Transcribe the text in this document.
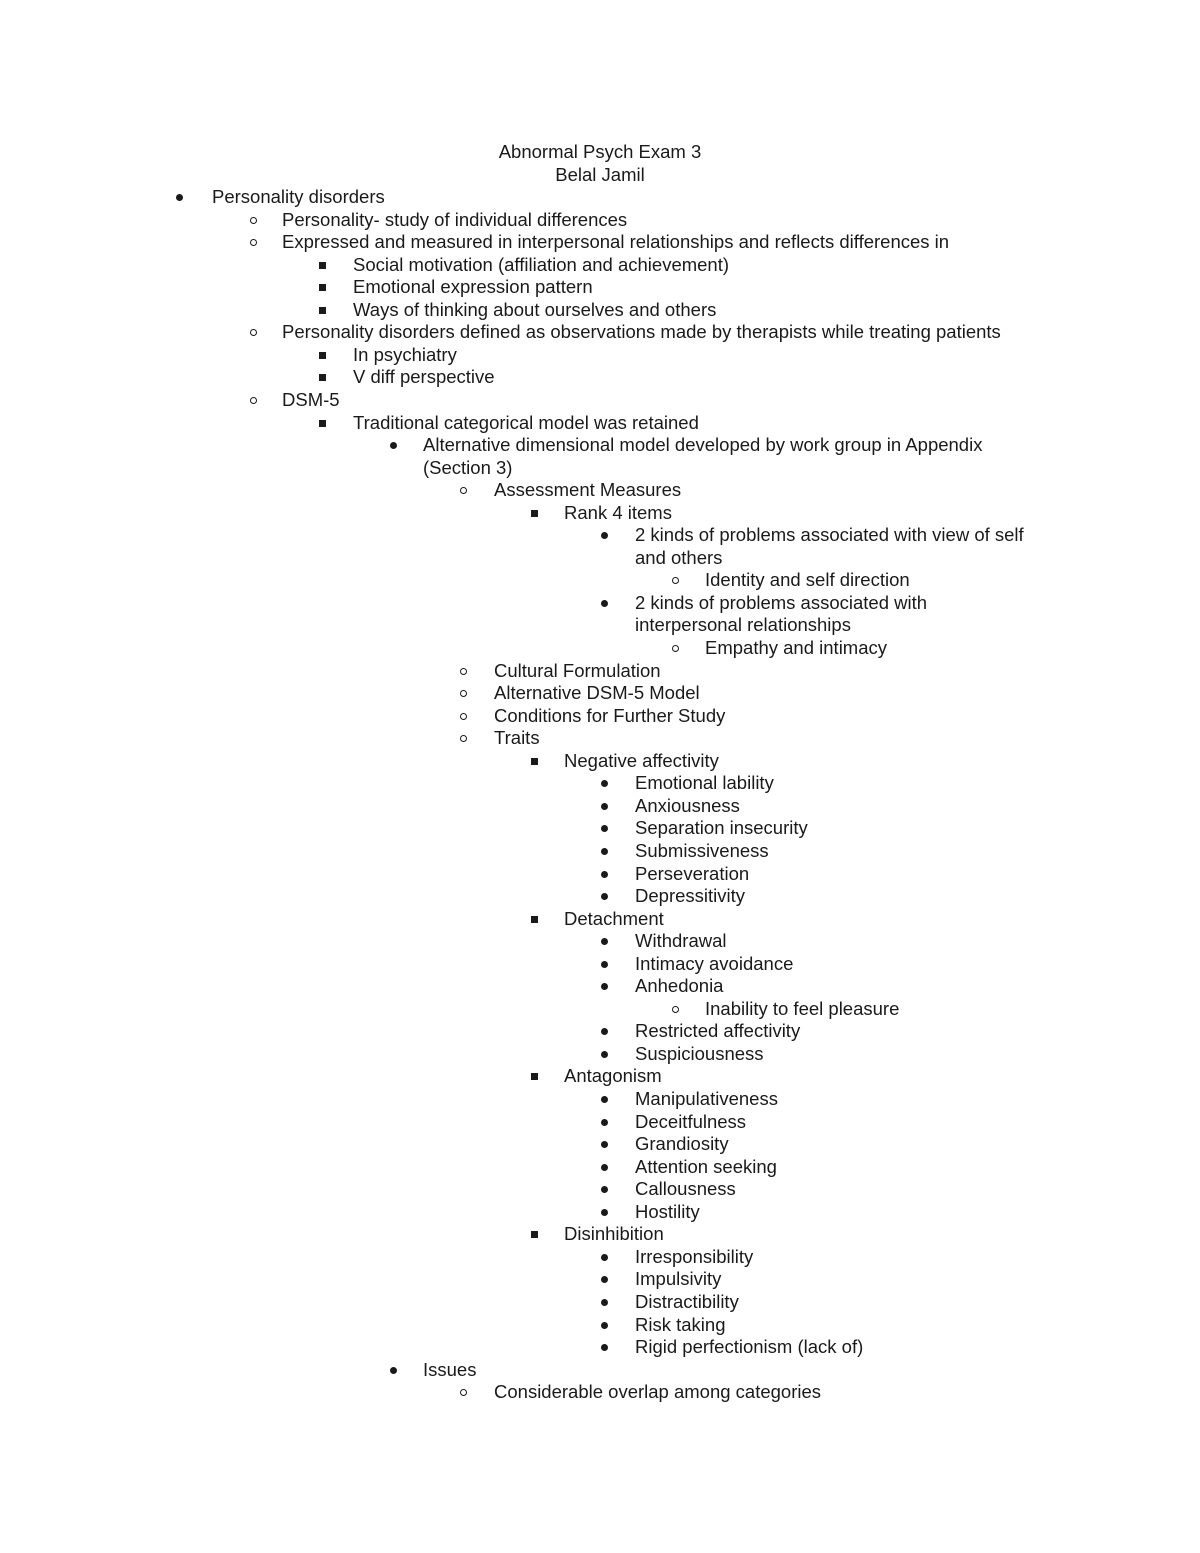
Abnormal Psych Exam 3
Belal Jamil
Personality disorders
Personality- study of individual differences
Expressed and measured in interpersonal relationships and reflects differences in
Social motivation (affiliation and achievement)
Emotional expression pattern
Ways of thinking about ourselves and others
Personality disorders defined as observations made by therapists while treating patients
In psychiatry
V diff perspective
DSM-5
Traditional categorical model was retained
Alternative dimensional model developed by work group in Appendix
(Section 3)
Assessment Measures
Rank 4 items
2 kinds of problems associated with view of self
and others
Identity and self direction
2 kinds of problems associated with
interpersonal relationships
Empathy and intimacy
Cultural Formulation
Alternative DSM-5 Model
Conditions for Further Study
Traits
Negative affectivity
Emotional lability
Anxiousness
Separation insecurity
Submissiveness
Perseveration
Depressitivity
Detachment
Withdrawal
Intimacy avoidance
Anhedonia
Inability to feel pleasure
Restricted affectivity
Suspiciousness
Antagonism
Manipulativeness
Deceitfulness
Grandiosity
Attention seeking
Callousness
Hostility
Disinhibition
Irresponsibility
Impulsivity
Distractibility
Risk taking
Rigid perfectionism (lack of)
Issues
Considerable overlap among categories
